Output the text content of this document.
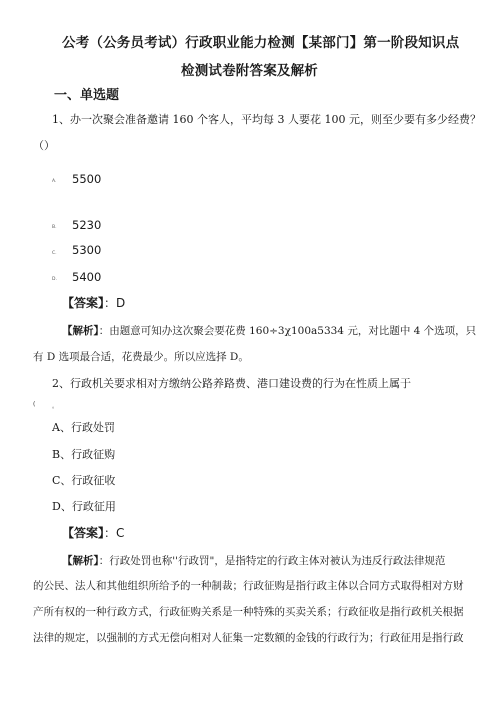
公考（公务员考试）行政职业能力检测【某部门】第一阶段知识点
检测试卷附答案及解析
一、单选题
1、办一次聚会准备邀请 160 个客人，平均每 3 人要花 100 元，则至少要有多少经费？
（）
A. 5500
B. 5230
C. 5300
D. 5400
【答案】：D
【解析】：由题意可知办这次聚会要花费 160÷3χ100a5334 元，对比题中 4 个选项，只
有 D 选项最合适，花费最少。所以应选择 D。
2、行政机关要求相对方缴纳公路养路费、港口建设费的行为在性质上属于
(	。
A、行政处罚
B、行政征购
C、行政征收
D、行政征用
【答案】：C
【解析】：行政处罚也称''行政罚"，是指特定的行政主体对被认为违反行政法律规范
的公民、法人和其他组织所给予的一种制裁；行政征购是指行政主体以合同方式取得相对方财
产所有权的一种行政方式，行政征购关系是一种特殊的买卖关系；行政征收是指行政机关根据
法律的规定，以强制的方式无偿向相对人征集一定数额的金钱的行政行为；行政征用是指行政
